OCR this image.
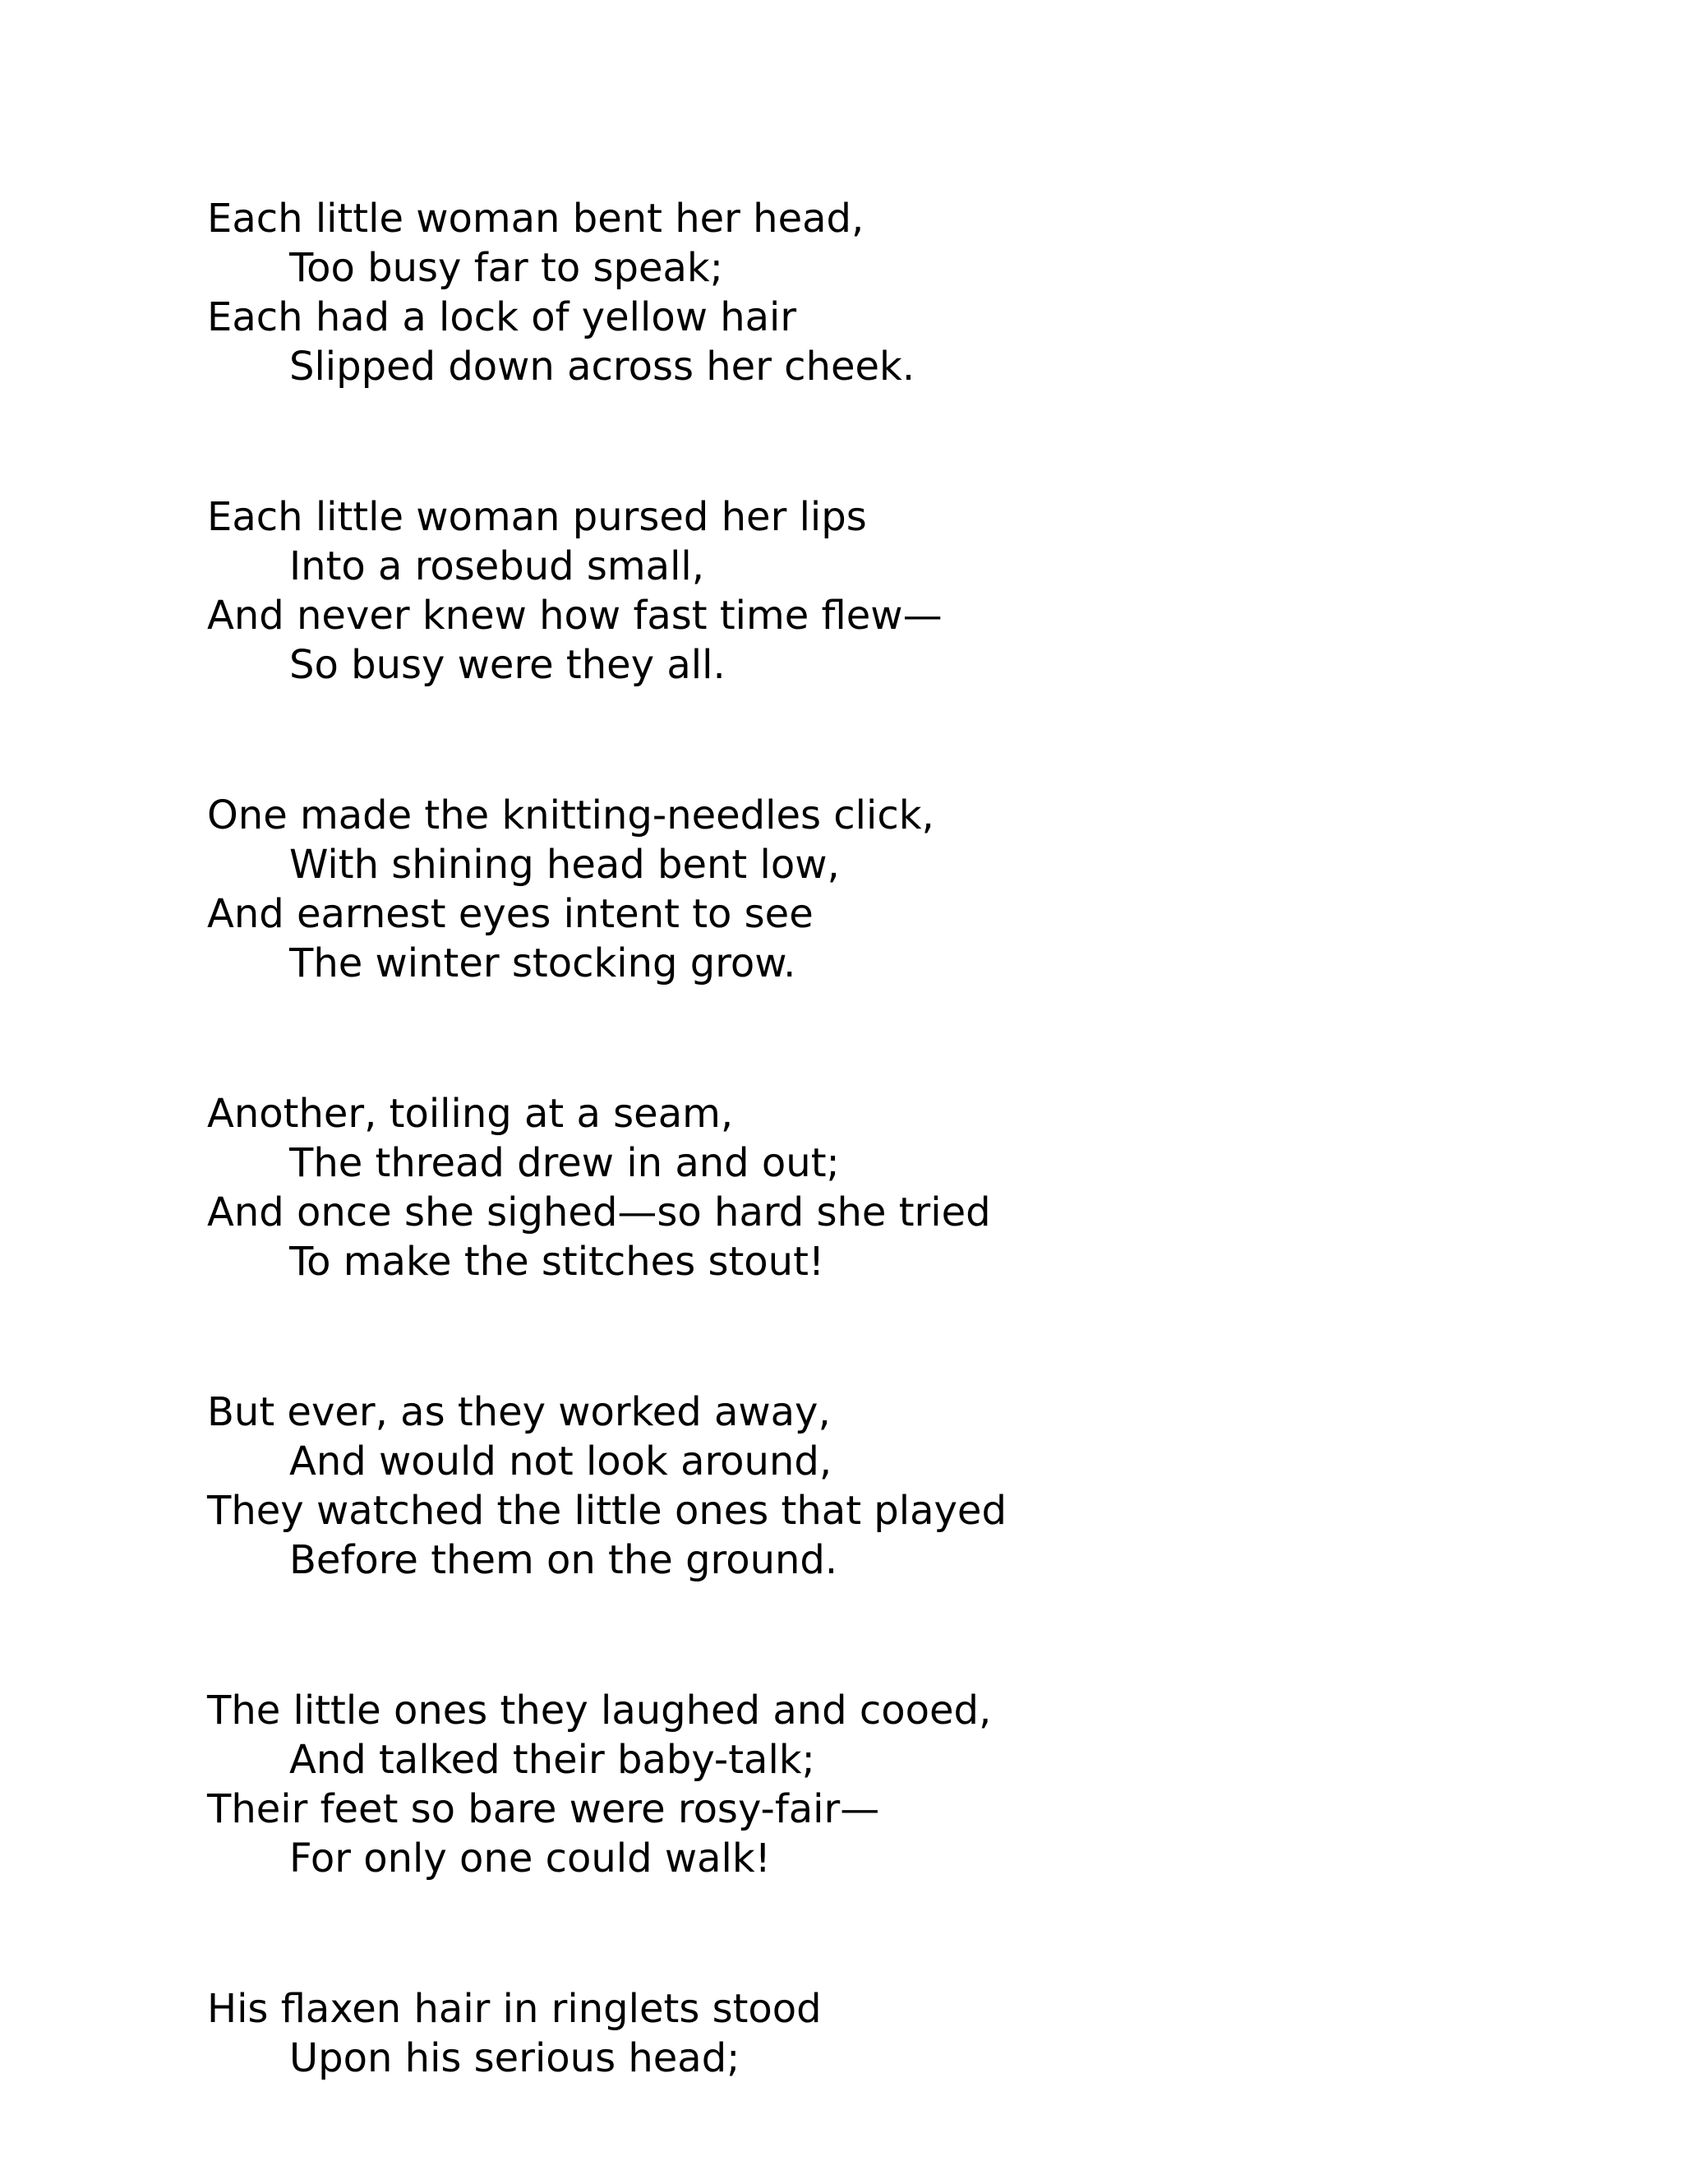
Each little woman bent her head,
Too busy far to speak;
Each had a lock of yellow hair
Slipped down across her cheek.
Each little woman pursed her lips
Into a rosebud small,
And never knew how fast time flew—
So busy were they all.
One made the knitting-needles click,
With shining head bent low,
And earnest eyes intent to see
The winter stocking grow.
Another, toiling at a seam,
The thread drew in and out;
And once she sighed—so hard she tried
To make the stitches stout!
But ever, as they worked away,
And would not look around,
They watched the little ones that played
Before them on the ground.
The little ones they laughed and cooed,
And talked their baby-talk;
Their feet so bare were rosy-fair—
For only one could walk!
His flaxen hair in ringlets stood
Upon his serious head;
